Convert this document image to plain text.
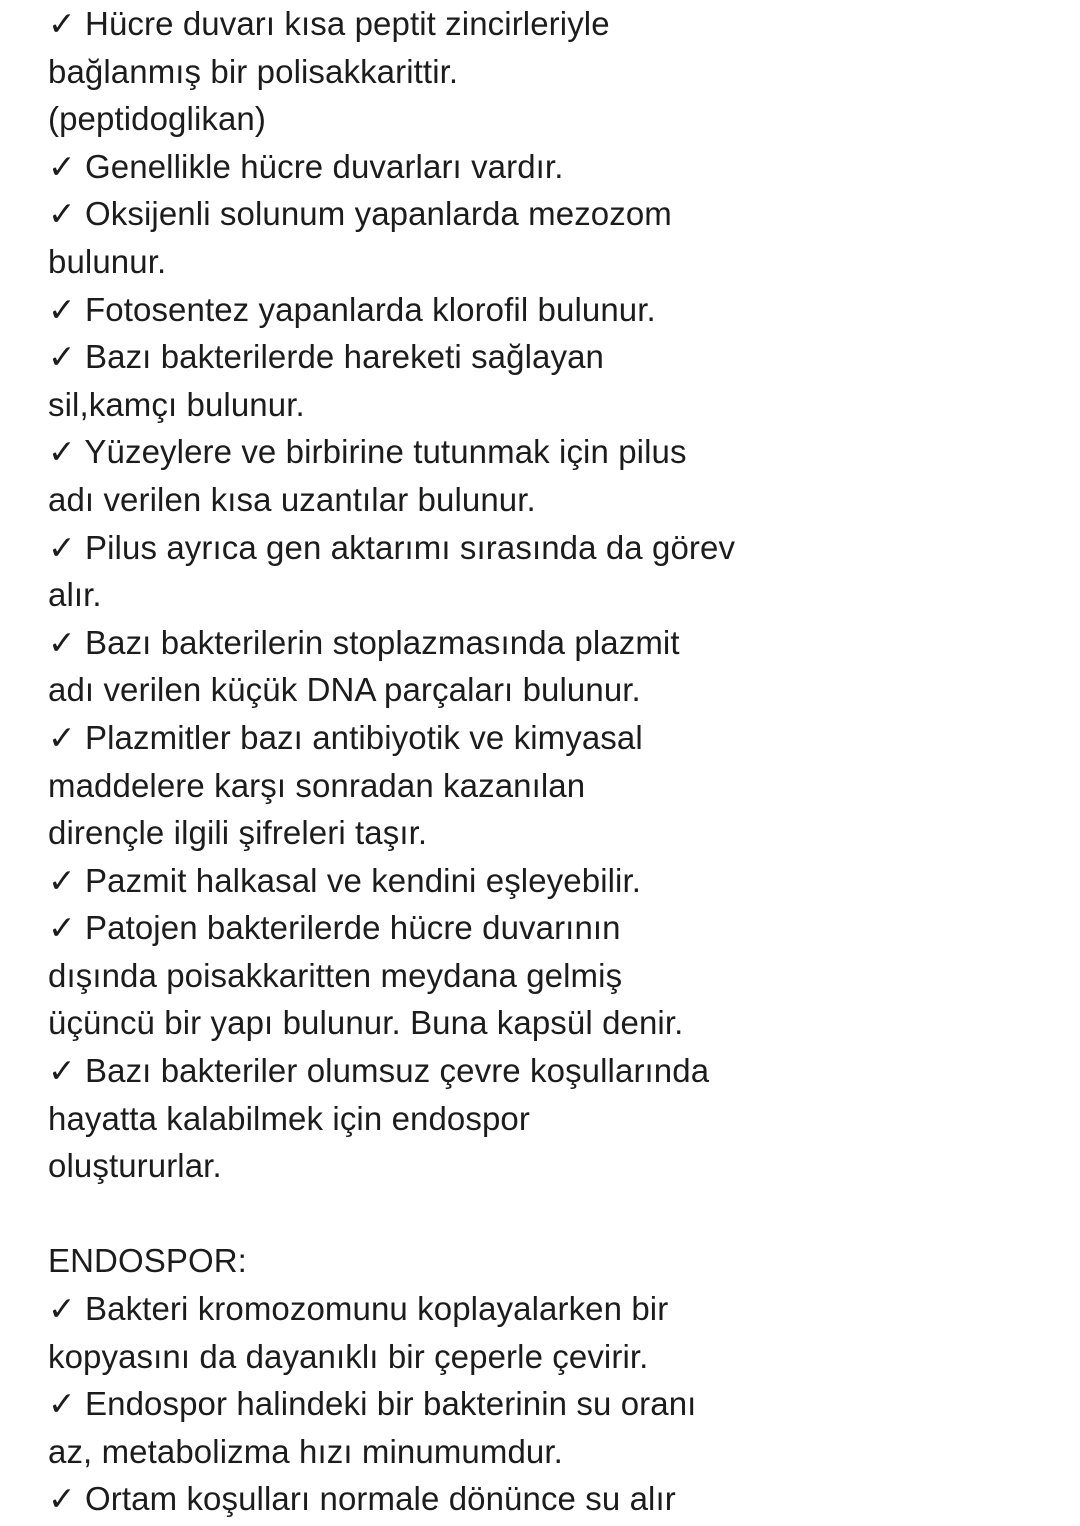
✓ Hücre duvarı kısa peptit zincirleriyle
bağlanmış bir polisakkarittir.
(peptidoglikan)
✓ Genellikle hücre duvarları vardır.
✓ Oksijenli solunum yapanlarda mezozom
bulunur.
✓ Fotosentez yapanlarda klorofil bulunur.
✓ Bazı bakterilerde hareketi sağlayan
sil,kamçı bulunur.
✓ Yüzeylere ve birbirine tutunmak için pilus
adı verilen kısa uzantılar bulunur.
✓ Pilus ayrıca gen aktarımı sırasında da görev
alır.
✓ Bazı bakterilerin stoplazmasında plazmit
adı verilen küçük DNA parçaları bulunur.
✓ Plazmitler bazı antibiyotik ve kimyasal
maddelere karşı sonradan kazanılan
dirençle ilgili şifreleri taşır.
✓ Pazmit halkasal ve kendini eşleyebilir.
✓ Patojen bakterilerde hücre duvarının
dışında poisakkaritten meydana gelmiş
üçüncü bir yapı bulunur. Buna kapsül denir.
✓ Bazı bakteriler olumsuz çevre koşullarında
hayatta kalabilmek için endospor
oluştururlar.
ENDOSPOR:
✓ Bakteri kromozomunu koplayalarken bir
kopyasını da dayanıklı bir çeperle çevirir.
✓ Endospor halindeki bir bakterinin su oranı
az, metabolizma hızı minumumdur.
✓ Ortam koşulları normale dönünce su alır
